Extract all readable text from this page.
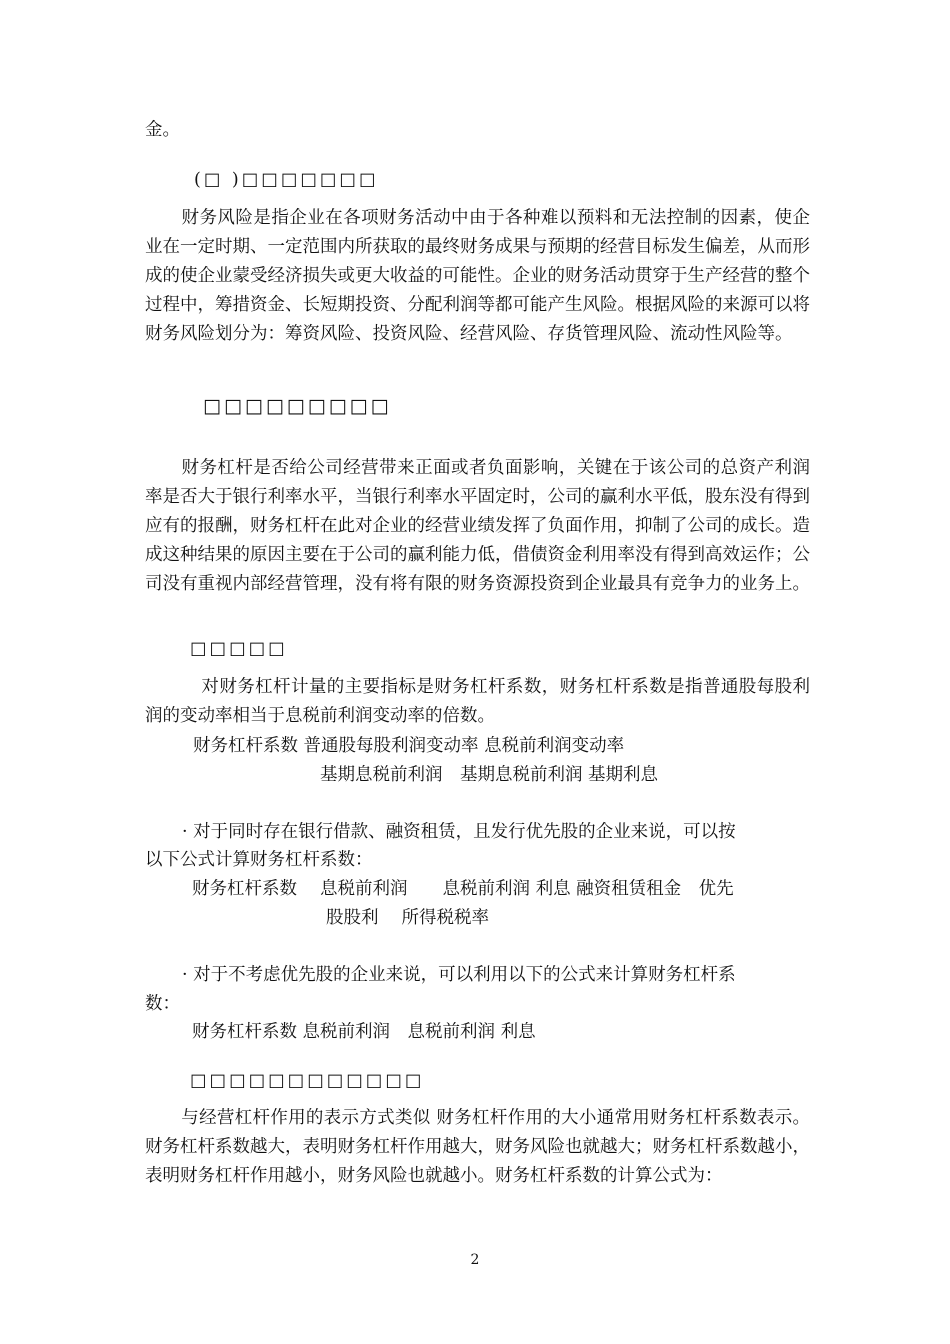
金。
(□ )□□□□□□□
财务风险是指企业在各项财务活动中由于各种难以预料和无法控制的因素，使企业在一定时期、一定范围内所获取的最终财务成果与预期的经营目标发生偏差，从而形成的使企业蒙受经济损失或更大收益的可能性。企业的财务活动贯穿于生产经营的整个过程中，筹措资金、长短期投资、分配利润等都可能产生风险。根据风险的来源可以将财务风险划分为：筹资风险、投资风险、经营风险、存货管理风险、流动性风险等。
□□□□□□□□□
财务杠杆是否给公司经营带来正面或者负面影响，关键在于该公司的总资产利润率是否大于银行利率水平，当银行利率水平固定时，公司的赢利水平低，股东没有得到应有的报酬，财务杠杆在此对企业的经营业绩发挥了负面作用，抑制了公司的成长。造成这种结果的原因主要在于公司的赢利能力低，借债资金利用率没有得到高效运作；公司没有重视内部经营管理，没有将有限的财务资源投资到企业最具有竞争力的业务上。
□□□□□
对财务杠杆计量的主要指标是财务杠杆系数，财务杠杆系数是指普通股每股利润的变动率相当于息税前利润变动率的倍数。
财务杠杆系数 普通股每股利润变动率 息税前利润变动率
基期息税前利润　基期息税前利润 基期利息
· 对于同时存在银行借款、融资租赁，且发行优先股的企业来说，可以按
以下公式计算财务杠杆系数：
财务杠杆系数　 息税前利润　　息税前利润 利息 融资租赁租金　优先
股股利　 所得税税率
· 对于不考虑优先股的企业来说，可以利用以下的公式来计算财务杠杆系
数：
财务杠杆系数 息税前利润　息税前利润 利息
□□□□□□□□□□□□
与经营杠杆作用的表示方式类似 财务杠杆作用的大小通常用财务杠杆系数表示。财务杠杆系数越大，表明财务杠杆作用越大，财务风险也就越大；财务杠杆系数越小，表明财务杠杆作用越小，财务风险也就越小。财务杠杆系数的计算公式为：
2
